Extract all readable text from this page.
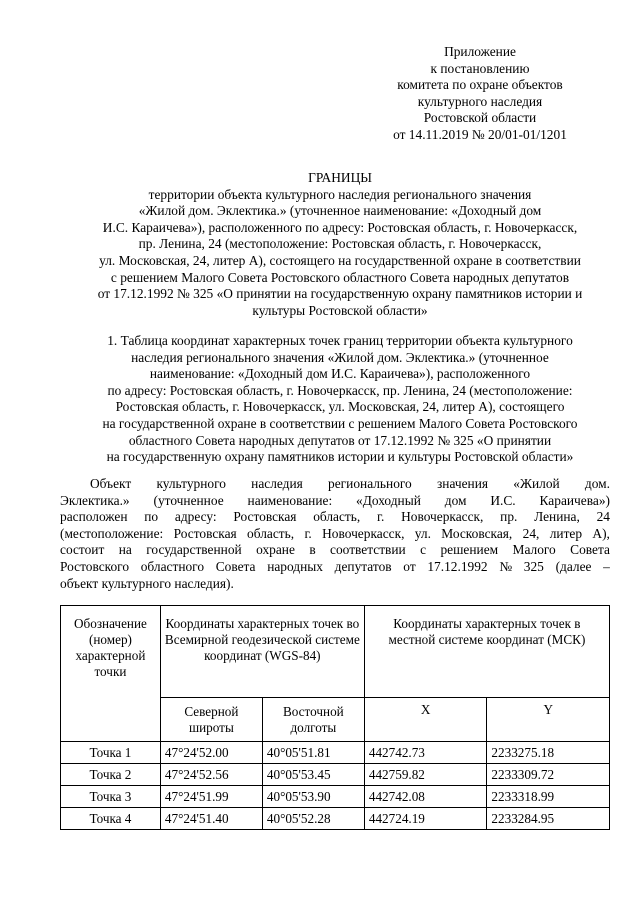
Приложение
к постановлению
комитета по охране объектов
культурного наследия
Ростовской области
от 14.11.2019 № 20/01-01/1201
ГРАНИЦЫ
территории объекта культурного наследия регионального значения
«Жилой дом. Эклектика.» (уточненное наименование: «Доходный дом
И.С. Караичева»), расположенного по адресу: Ростовская область, г. Новочеркасск,
пр. Ленина, 24 (местоположение: Ростовская область, г. Новочеркасск,
ул. Московская, 24, литер А), состоящего на государственной охране в соответствии
с решением Малого Совета Ростовского областного Совета народных депутатов
от 17.12.1992 № 325 «О принятии на государственную охрану памятников истории и
культуры Ростовской области»
1. Таблица координат характерных точек границ территории объекта культурного
наследия регионального значения «Жилой дом. Эклектика.» (уточненное
наименование: «Доходный дом И.С. Караичева»), расположенного
по адресу: Ростовская область, г. Новочеркасск, пр. Ленина, 24 (местоположение:
Ростовская область, г. Новочеркасск, ул. Московская, 24, литер А), состоящего
на государственной охране в соответствии с решением Малого Совета Ростовского
областного Совета народных депутатов от 17.12.1992 № 325 «О принятии
на государственную охрану памятников истории и культуры Ростовской области»
Объект культурного наследия регионального значения «Жилой дом.
Эклектика.» (уточненное наименование: «Доходный дом И.С. Караичева»)
расположен по адресу: Ростовская область, г. Новочеркасск, пр. Ленина, 24
(местоположение: Ростовская область, г. Новочеркасск, ул. Московская, 24, литер А),
состоит на государственной охране в соответствии с решением Малого Совета
Ростовского областного Совета народных депутатов от 17.12.1992 № 325 (далее –
объект культурного наследия).
Обозначение (номер) характерной точки	Координаты характерных точек во Всемирной геодезической системе координат (WGS-84)		Координаты характерных точек в местной системе координат (МСК)	
	Северной широты	Восточной долготы	X	Y
Точка 1	47°24'52.00	40°05'51.81	442742.73	2233275.18
Точка 2	47°24'52.56	40°05'53.45	442759.82	2233309.72
Точка 3	47°24'51.99	40°05'53.90	442742.08	2233318.99
Точка 4	47°24'51.40	40°05'52.28	442724.19	2233284.95
